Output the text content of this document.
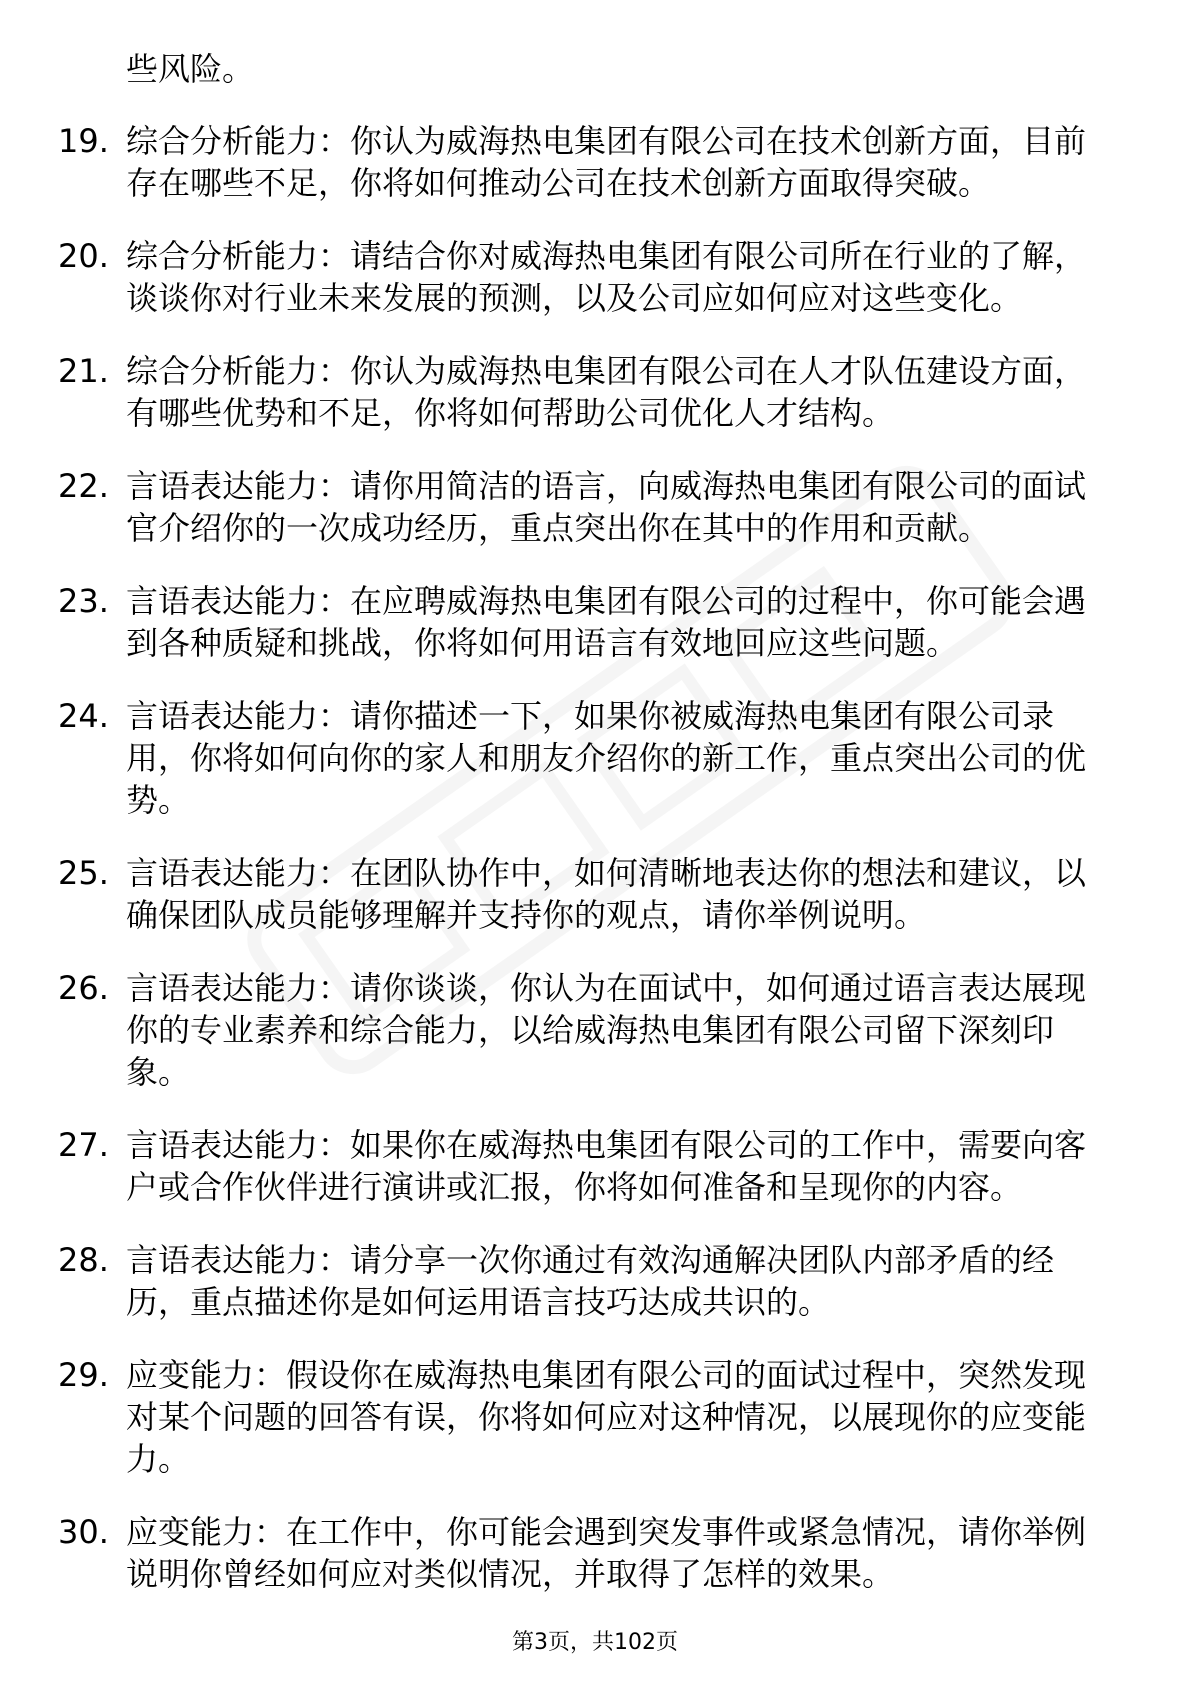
些风险。
19. 综合分析能力：你认为威海热电集团有限公司在技术创新方面，目前存在哪些不足，你将如何推动公司在技术创新方面取得突破。
20. 综合分析能力：请结合你对威海热电集团有限公司所在行业的了解，谈谈你对行业未来发展的预测，以及公司应如何应对这些变化。
21. 综合分析能力：你认为威海热电集团有限公司在人才队伍建设方面，有哪些优势和不足，你将如何帮助公司优化人才结构。
22. 言语表达能力：请你用简洁的语言，向威海热电集团有限公司的面试官介绍你的一次成功经历，重点突出你在其中的作用和贡献。
23. 言语表达能力：在应聘威海热电集团有限公司的过程中，你可能会遇到各种质疑和挑战，你将如何用语言有效地回应这些问题。
24. 言语表达能力：请你描述一下，如果你被威海热电集团有限公司录用，你将如何向你的家人和朋友介绍你的新工作，重点突出公司的优势。
25. 言语表达能力：在团队协作中，如何清晰地表达你的想法和建议，以确保团队成员能够理解并支持你的观点，请你举例说明。
26. 言语表达能力：请你谈谈，你认为在面试中，如何通过语言表达展现你的专业素养和综合能力，以给威海热电集团有限公司留下深刻印象。
27. 言语表达能力：如果你在威海热电集团有限公司的工作中，需要向客户或合作伙伴进行演讲或汇报，你将如何准备和呈现你的内容。
28. 言语表达能力：请分享一次你通过有效沟通解决团队内部矛盾的经历，重点描述你是如何运用语言技巧达成共识的。
29. 应变能力：假设你在威海热电集团有限公司的面试过程中，突然发现对某个问题的回答有误，你将如何应对这种情况，以展现你的应变能力。
30. 应变能力：在工作中，你可能会遇到突发事件或紧急情况，请你举例说明你曾经如何应对类似情况，并取得了怎样的效果。
第3页，共102页
